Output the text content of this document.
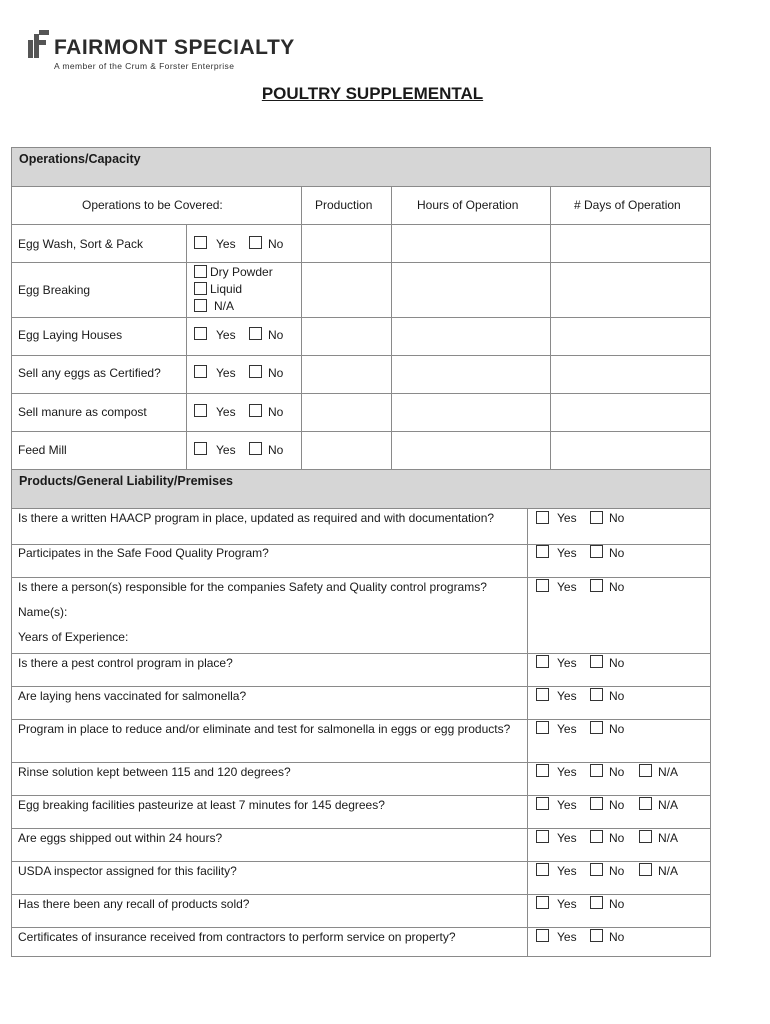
FAIRMONT SPECIALTY
A member of the Crum & Forster Enterprise
POULTRY SUPPLEMENTAL
Operations/Capacity
Operations to be Covered:	Production	Hours of Operation	# Days of Operation
Egg Wash, Sort & Pack	Yes	No
Egg Breaking
Dry Powder
Liquid
N/A
Egg Laying Houses	Yes	No
Sell any eggs as Certified?	Yes	No
Sell manure as compost	Yes	No
Feed Mill	Yes	No
Products/General Liability/Premises
Is there a written HAACP program in place, updated as required and with documentation?	Yes	No
Participates in the Safe Food Quality Program?	Yes	No
Is there a person(s) responsible for the companies Safety and Quality control programs?
Name(s):
Years of Experience:
Yes	No
Is there a pest control program in place?	Yes	No
Are laying hens vaccinated for salmonella?	Yes	No
Program in place to reduce and/or eliminate and test for salmonella in eggs or egg products?	Yes	No
Rinse solution kept between 115 and 120 degrees?	Yes	No	N/A
Egg breaking facilities pasteurize at least 7 minutes for 145 degrees?	Yes	No	N/A
Are eggs shipped out within 24 hours?	Yes	No	N/A
USDA inspector assigned for this facility?	Yes	No	N/A
Has there been any recall of products sold?	Yes	No
Certificates of insurance received from contractors to perform service on property?	Yes	No
